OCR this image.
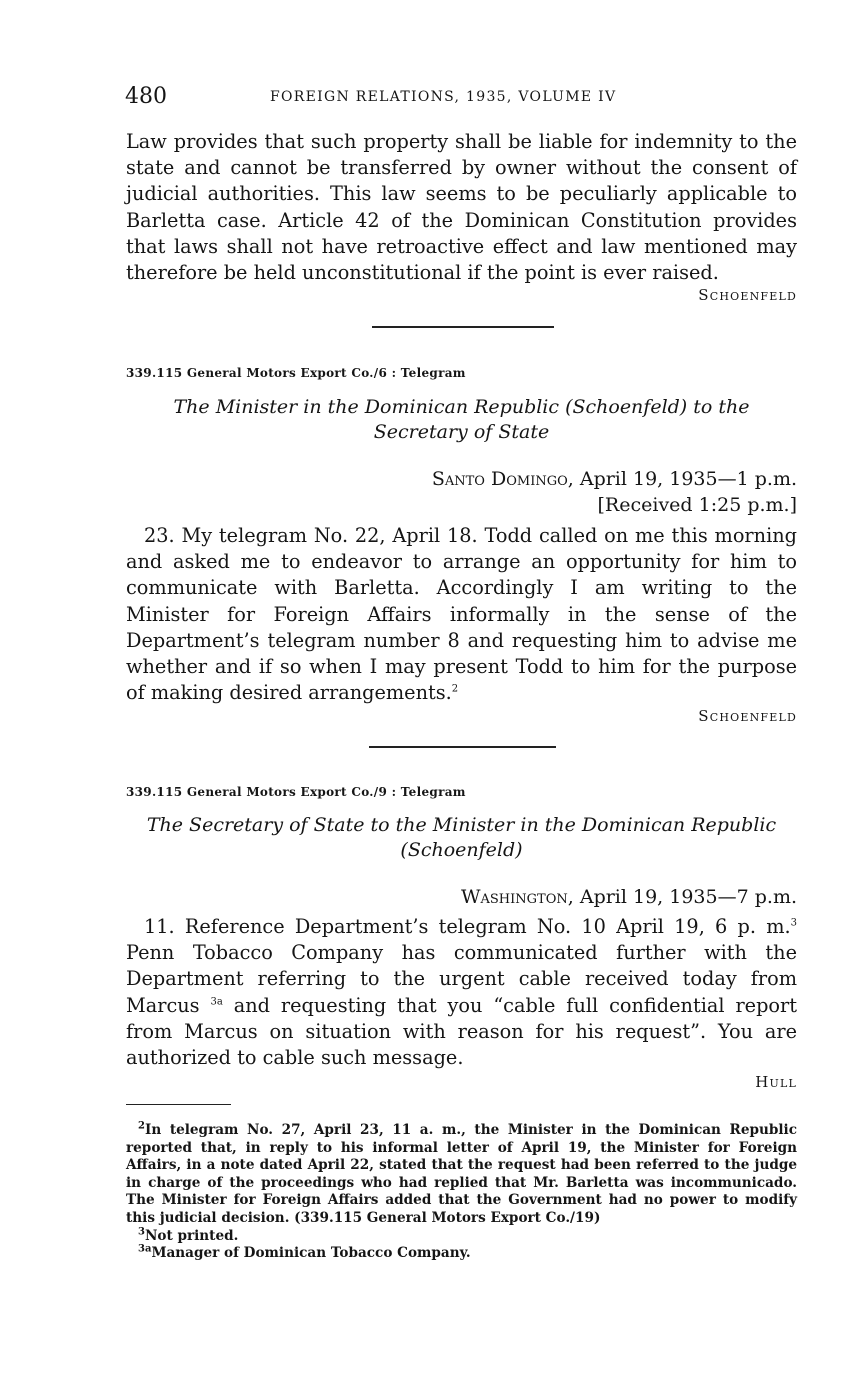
480	FOREIGN RELATIONS, 1935, VOLUME IV

Law provides that such property shall be liable for indemnity to the state and cannot be transferred by owner without the consent of judicial authorities. This law seems to be peculiarly applicable to Barletta case. Article 42 of the Dominican Constitution provides that laws shall not have retroactive effect and law mentioned may therefore be held unconstitutional if the point is ever raised.

Schoenfeld
339.115 General Motors Export Co./6 : Telegram

The Minister in the Dominican Republic (Schoenfeld) to the

Secretary of State

Santo Domingo, April 19, 1935—1 p.m.

[Received 1:25 p.m.]

23. My telegram No. 22, April 18. Todd called on me this morning and asked me to endeavor to arrange an opportunity for him to communicate with Barletta. Accordingly I am writing to the Minister for Foreign Affairs informally in the sense of the Department’s telegram number 8 and requesting him to advise me whether and if so when I may present Todd to him for the purpose of making desired arrangements.$^2$

Schoenfeld
339.115 General Motors Export Co./9 : Telegram

The Secretary of State to the Minister in the Dominican Republic

(Schoenfeld)

Washington, April 19, 1935—7 p.m.

11. Reference Department’s telegram No. 10 April 19, 6 p. m.$^3$ Penn Tobacco Company has communicated further with the Department referring to the urgent cable received today from Marcus $^{3a}$ and requesting that you “cable full confidential report from Marcus on situation with reason for his request”. You are authorized to cable such message.

Hull

$^2$In telegram No. 27, April 23, 11 a. m., the Minister in the Dominican Republic reported that, in reply to his informal letter of April 19, the Minister for Foreign Affairs, in a note dated April 22, stated that the request had been referred to the judge in charge of the proceedings who had replied that Mr. Barletta was incommunicado. The Minister for Foreign Affairs added that the Government had no power to modify this judicial decision. (339.115 General Motors Export Co./19)

$^3$Not printed.

$^{3a}$Manager of Dominican Tobacco Company.
